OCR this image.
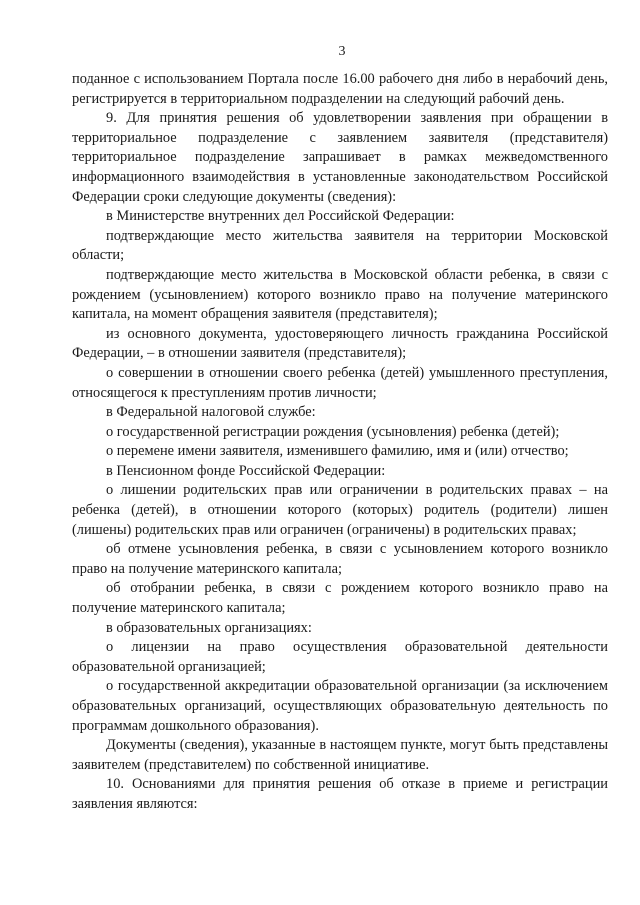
3

поданное с использованием Портала после 16.00 рабочего дня либо в нерабочий день, регистрируется в территориальном подразделении на следующий рабочий день.

9. Для принятия решения об удовлетворении заявления при обращении в территориальное подразделение с заявлением заявителя (представителя) территориальное подразделение запрашивает в рамках межведомственного информационного взаимодействия в установленные законодательством Российской Федерации сроки следующие документы (сведения):

в Министерстве внутренних дел Российской Федерации:

подтверждающие место жительства заявителя на территории Московской области;

подтверждающие место жительства в Московской области ребенка, в связи с рождением (усыновлением) которого возникло право на получение материнского капитала, на момент обращения заявителя (представителя);

из основного документа, удостоверяющего личность гражданина Российской Федерации, – в отношении заявителя (представителя);

о совершении в отношении своего ребенка (детей) умышленного преступления, относящегося к преступлениям против личности;

в Федеральной налоговой службе:

о государственной регистрации рождения (усыновления) ребенка (детей);

о перемене имени заявителя, изменившего фамилию, имя и (или) отчество;

в Пенсионном фонде Российской Федерации:

о лишении родительских прав или ограничении в родительских правах – на ребенка (детей), в отношении которого (которых) родитель (родители) лишен (лишены) родительских прав или ограничен (ограничены) в родительских правах;

об отмене усыновления ребенка, в связи с усыновлением которого возникло право на получение материнского капитала;

об отобрании ребенка, в связи с рождением которого возникло право на получение материнского капитала;

в образовательных организациях:

о лицензии на право осуществления образовательной деятельности образовательной организацией;

о государственной аккредитации образовательной организации (за исключением образовательных организаций, осуществляющих образовательную деятельность по программам дошкольного образования).

Документы (сведения), указанные в настоящем пункте, могут быть представлены заявителем (представителем) по собственной инициативе.

10. Основаниями для принятия решения об отказе в приеме и регистрации заявления являются:
